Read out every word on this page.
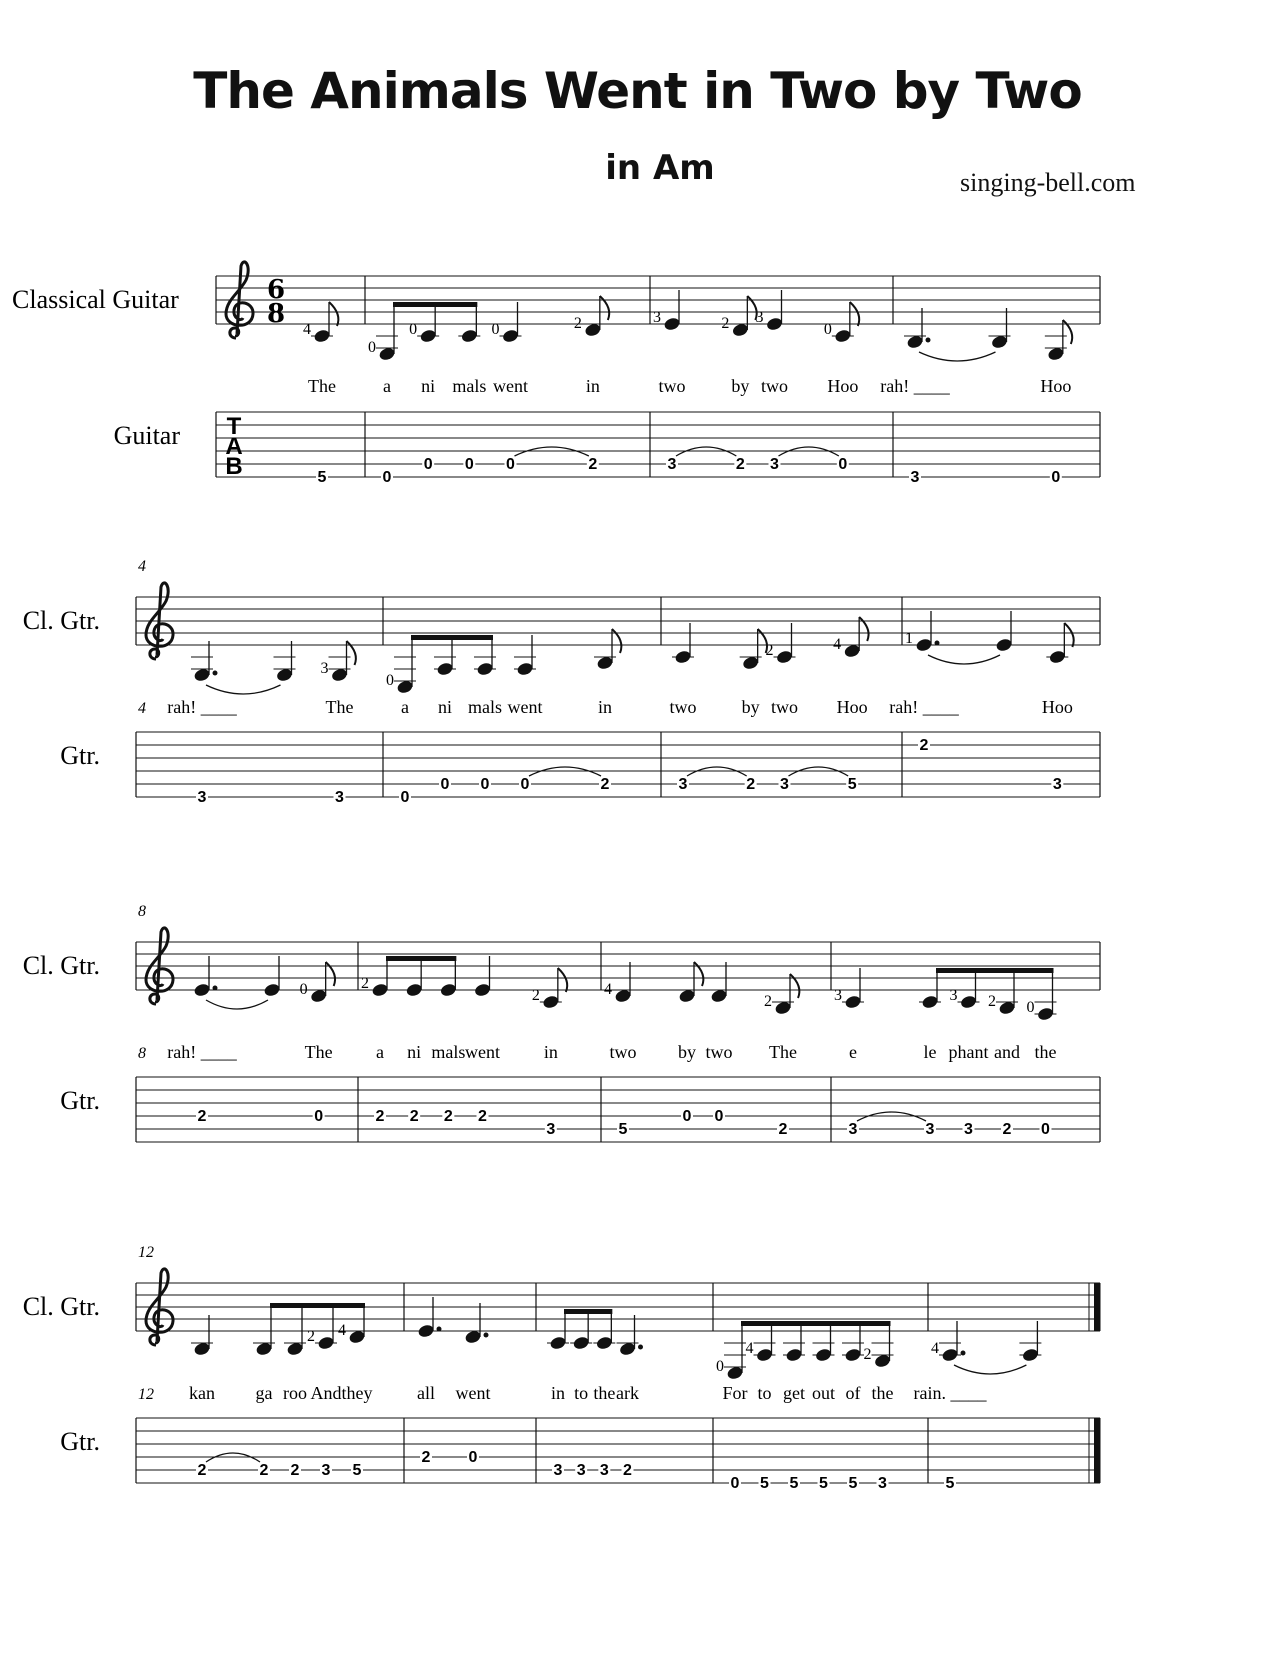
The Animals Went in Two by Two
in Am	singing-bell.com
Classical Guitar
Guitar
6
8
T
A
B
4
The
5
0
a
0
0
ni
0
mals
0
0
went
0
2
in
2
3
two
3
2
by
2
3
two
3
0
Hoo
0
rah! ____
3
Hoo
0
Cl. Gtr.
Gtr.
4
4 rah! ____
3
3
The
3
0
a
0
ni
0
mals
0
went
0
in
2
two
3
by
2
2
two
3
4
Hoo
5
1
rah! ____
2
Hoo
3
Cl. Gtr.
Gtr.
8
8 rah! ____
2
0
The
0
2
a
2
ni
2
mals
2
went
2
2
in
3
4
two
5
by
0
two
0
2
The
2
3
e
3
le
3
3
phant
3
2
and
2
0
the
0
Cl. Gtr.
Gtr.
12
12 kan
2
ga
2
roo
2
2
And
3
4
they
5
all
2
went
0
in
3
to
3
the
3
ark
2
0
For
0
4
to
5
get
5
out
5
of
5
2
the
3
4
rain. ____
5
